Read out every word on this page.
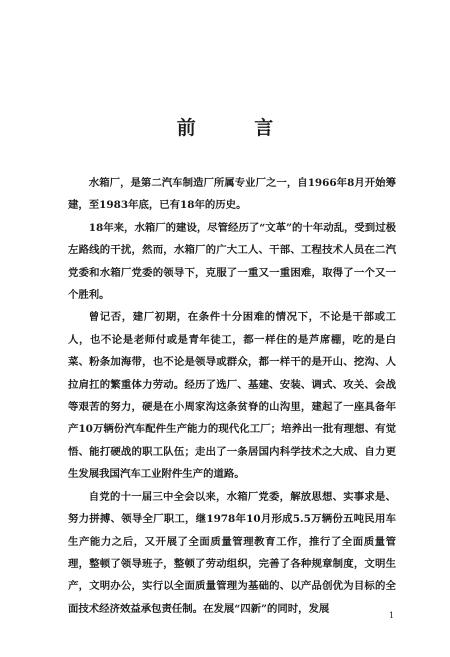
前 言

水箱厂，是第二汽车制造厂所属专业厂之一，自1966年8月开始筹建，至1983年底，已有18年的历史。

18年来，水箱厂的建设，尽管经历了“文革”的十年动乱，受到过极左路线的干扰，然而，水箱厂的广大工人、干部、工程技术人员在二汽党委和水箱厂党委的领导下，克服了一重又一重困难，取得了一个又一个胜利。

曾记否，建厂初期，在条件十分困难的情况下，不论是干部或工人，也不论是老师付或是青年徒工，都一样住的是芦席棚，吃的是白菜、粉条加海带，也不论是领导或群众，都一样干的是开山、挖沟、人拉肩扛的繁重体力劳动。经历了选厂、基建、安装、调式、攻关、会战等艰苦的努力，硬是在小周家沟这条贫脊的山沟里，建起了一座具备年产10万辆份汽车配件生产能力的现代化工厂；培养出一批有理想、有觉悟、能打硬战的职工队伍；走出了一条居国内科学技术之大成、自力更生发展我国汽车工业附件生产的道路。

自党的十一届三中全会以来，水箱厂党委，解放思想、实事求是、努力拼搏、领导全厂职工，继1978年10月形成5.5万辆份五吨民用车生产能力之后，又开展了全面质量管理教育工作，推行了全面质量管理，整顿了领导班子，整顿了劳动组织，完善了各种规章制度，文明生产，文明办公，实行以全面质量管理为基础的、以产品创优为目标的全面技术经济效益承包责任制。在发展“四新”的同时，发展

1
